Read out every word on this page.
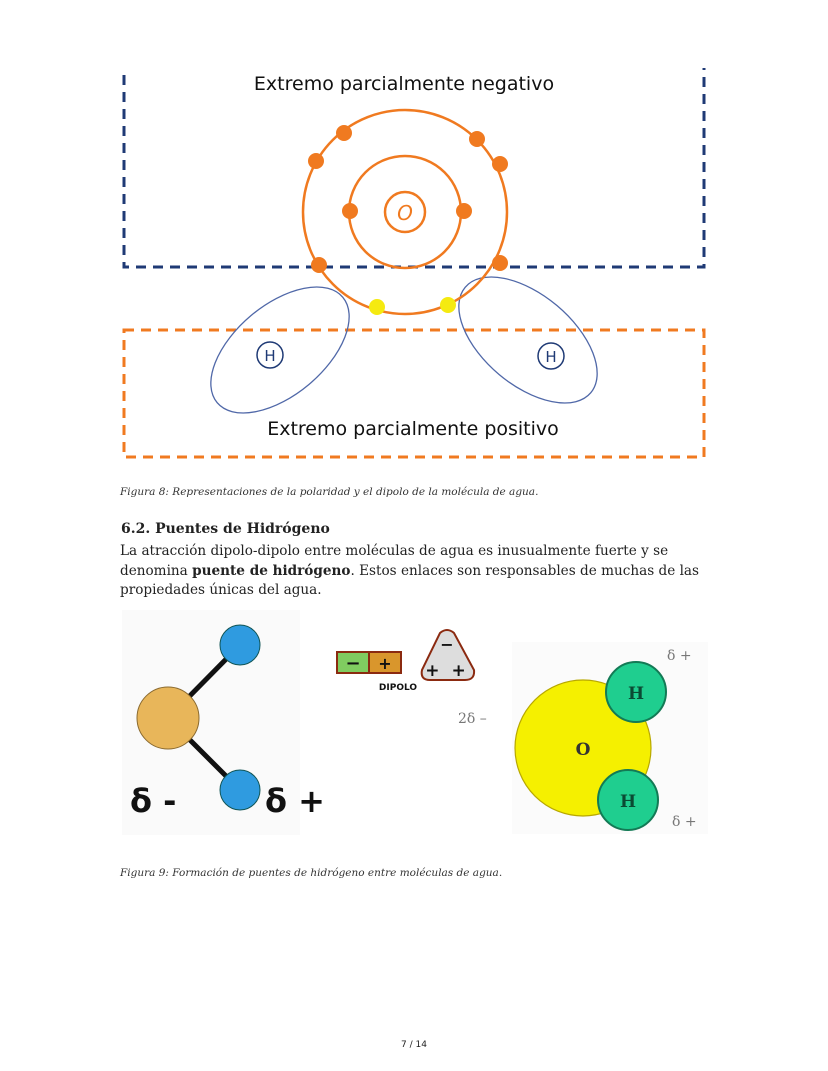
Extremo parcialmente negativo
Extremo parcialmente positivo
O
H	H
δ -	δ +
− +
DIPOLO
−
+ +
O
H
H
2δ –
δ +
δ +
Figura 8: Representaciones de la polaridad y el dipolo de la molécula de agua.
6.2. Puentes de Hidrógeno
La atracción dipolo-dipolo entre moléculas de agua es inusualmente fuerte y se denomina puente de hidrógeno. Estos enlaces son responsables de muchas de las propiedades únicas del agua.
Figura 9: Formación de puentes de hidrógeno entre moléculas de agua.
7 / 14
